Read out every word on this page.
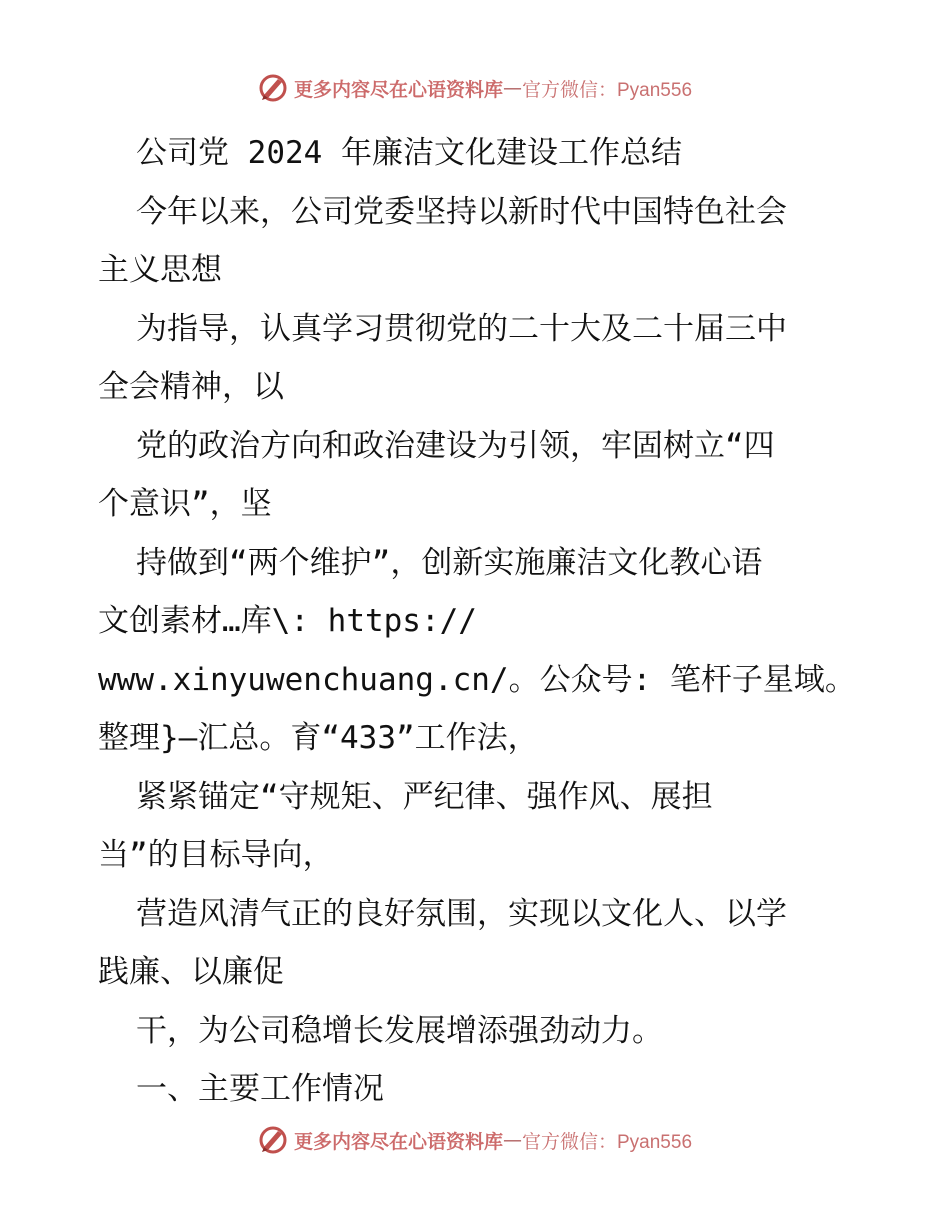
更多内容尽在心语资料库 — 官方微信：Pyan556
公司党 2024 年廉洁文化建设工作总结
今年以来，公司党委坚持以新时代中国特色社会
主义思想
为指导，认真学习贯彻党的二十大及二十届三中
全会精神，以
党的政治方向和政治建设为引领，牢固树立“四
个意识”，坚
持做到“两个维护”，创新实施廉洁文化教心语
文创素材…库\: https://
www.xinyuwenchuang.cn/。公众号: 笔杆子星域。
整理}—汇总。育“433”工作法，
紧紧锚定“守规矩、严纪律、强作风、展担
当”的目标导向，
营造风清气正的良好氛围，实现以文化人、以学
践廉、以廉促
干，为公司稳增长发展增添强劲动力。
一、主要工作情况
更多内容尽在心语资料库 — 官方微信：Pyan556
